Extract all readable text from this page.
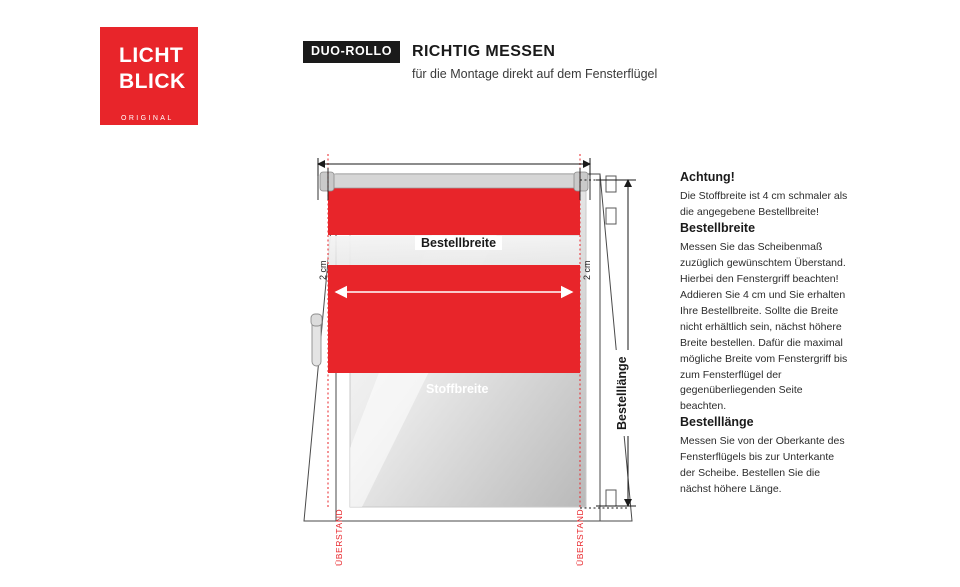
LICHT
BLICK
ORIGINAL
DUO-ROLLO	RICHTIG MESSEN
für die Montage direkt auf dem Fensterflügel
Bestellbreite
Bestelllänge
Stoffbreite
2 cm	2 cm
ÜBERSTAND	ÜBERSTAND

Achtung!

Die Stoffbreite ist 4 cm schmaler als die angegebene Bestellbreite!

Bestellbreite

Messen Sie das Scheibenmaß zuzüglich gewünschtem Überstand. Hierbei den Fenstergriff beachten! Addieren Sie 4 cm und Sie erhalten Ihre Bestellbreite. Sollte die Breite nicht erhältlich sein, nächst höhere Breite bestellen. Dafür die maximal mögliche Breite vom Fenstergriff bis zum Fensterflügel der gegenüberliegenden Seite beachten.

Bestelllänge

Messen Sie von der Oberkante des Fensterflügels bis zur Unterkante der Scheibe. Bestellen Sie die nächst höhere Länge.
